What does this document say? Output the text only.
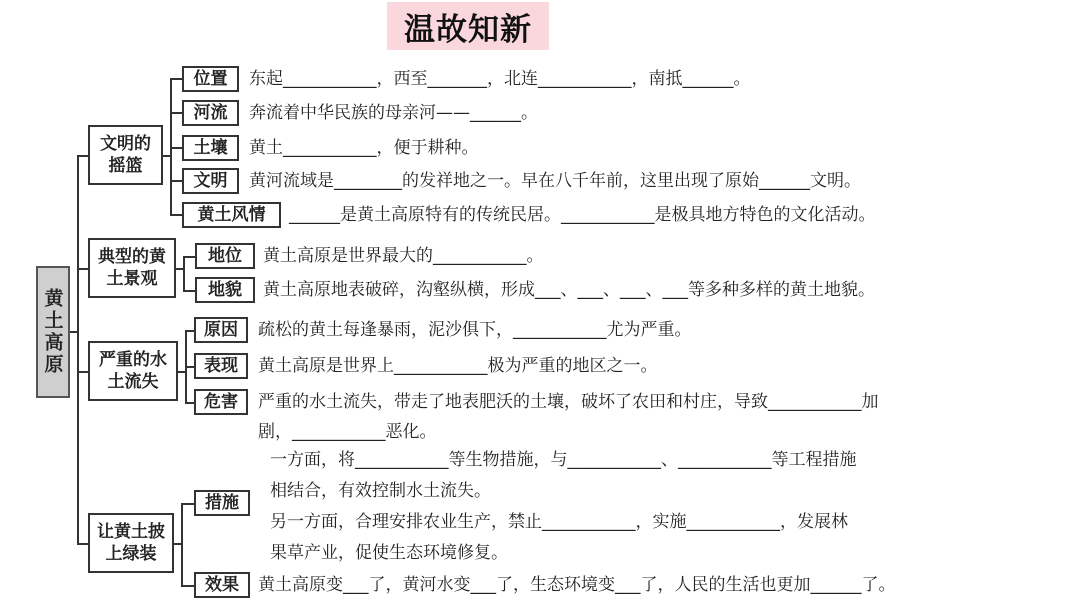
温故知新
黄土高原
文明的摇篮
位置	东起___________，西至_______，北连___________，南抵______。
河流	奔流着中华民族的母亲河——______。
土壤	黄土___________，便于耕种。
文明	黄河流域是________的发祥地之一。早在八千年前，这里出现了原始______文明。
黄土风情	______是黄土高原特有的传统民居。___________是极具地方特色的文化活动。
典型的黄土景观
地位	黄土高原是世界最大的___________。
地貌	黄土高原地表破碎，沟壑纵横，形成___、___、___、___等多种多样的黄土地貌。
严重的水土流失
原因	疏松的黄土每逢暴雨，泥沙俱下，___________尤为严重。
表现	黄土高原是世界上___________极为严重的地区之一。
危害	严重的水土流失，带走了地表肥沃的土壤，破坏了农田和村庄，导致___________加
剧，___________恶化。
让黄土披上绿装
措施
一方面，将___________等生物措施，与___________、___________等工程措施
相结合，有效控制水土流失。
另一方面，合理安排农业生产，禁止___________，实施___________，发展林
果草产业，促使生态环境修复。
效果	黄土高原变___了，黄河水变___了，生态环境变___了，人民的生活也更加______了。
